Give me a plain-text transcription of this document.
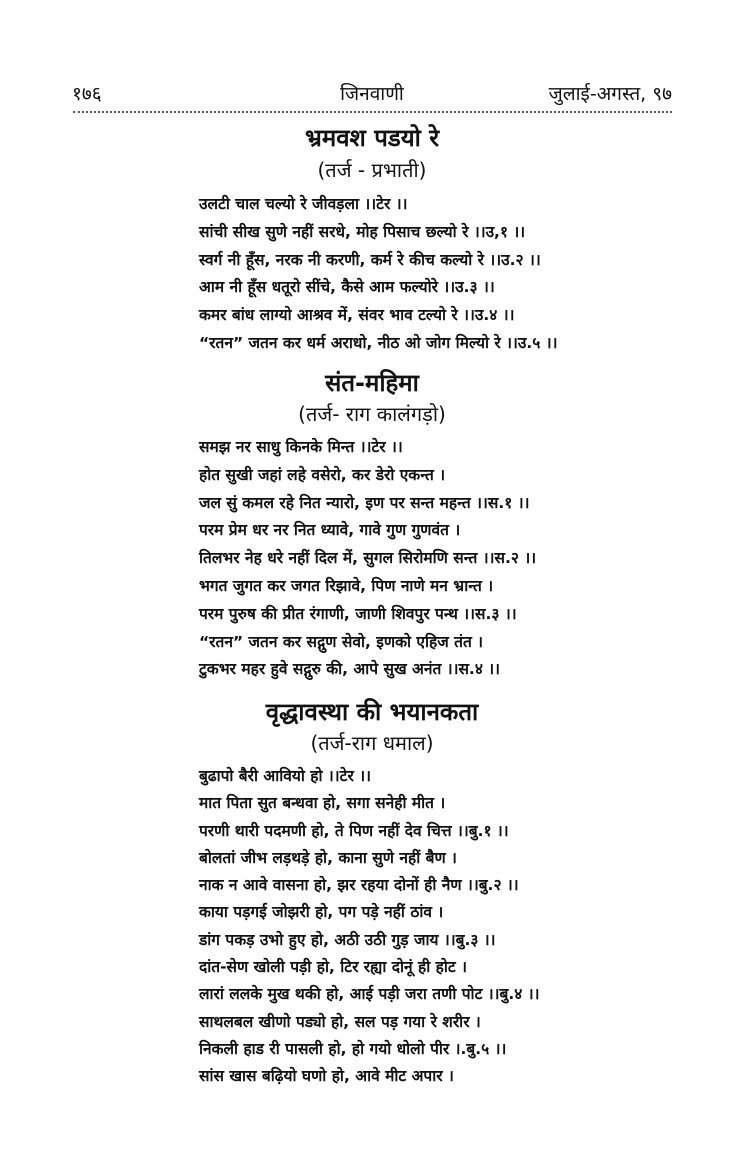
१७६	जिनवाणी	जुलाई-अगस्त, ९७
भ्रमवश पडयो रे
(तर्ज - प्रभाती)
उलटी चाल चल्यो रे जीवड़ला ।।टेर ।।
सांची सीख सुणे नहीं सरधे, मोह पिसाच छल्यो रे ।।उ,१ ।।
स्वर्ग नी हूँस, नरक नी करणी, कर्म रे कीच कल्यो रे ।।उ.२ ।।
आम नी हूँस धतूरो सींचे, कैसे आम फल्योरे ।।उ.३ ।।
कमर बांध लाग्यो आश्रव में, संवर भाव टल्यो रे ।।उ.४ ।।
“रतन” जतन कर धर्म अराधो, नीठ ओ जोग मिल्यो रे ।।उ.५ ।।
संत-महिमा
(तर्ज- राग कालंगड़ो)
समझ नर साधु किनके मिन्त ।।टेर ।।
होत सुखी जहां लहे वसेरो, कर डेरो एकन्त ।
जल सुं कमल रहे नित न्यारो, इण पर सन्त महन्त ।।स.१ ।।
परम प्रेम धर नर नित ध्यावे, गावे गुण गुणवंत ।
तिलभर नेह धरे नहीं दिल में, सुगल सिरोमणि सन्त ।।स.२ ।।
भगत जुगत कर जगत रिझावे, पिण नाणे मन भ्रान्त ।
परम पुरुष की प्रीत रंगाणी, जाणी शिवपुर पन्थ ।।स.३ ।।
“रतन” जतन कर सद्गुण सेवो, इणको एहिज तंत ।
टुकभर महर हुवे सद्गुरु की, आपे सुख अनंत ।।स.४ ।।
वृद्धावस्था की भयानकता
(तर्ज-राग धमाल)
बुढापो बैरी आवियो हो ।।टेर ।।
मात पिता सुत बन्धवा हो, सगा सनेही मीत ।
परणी थारी पदमणी हो, ते पिण नहीं देव चित्त ।।बु.१ ।।
बोलतां जीभ लड़थड़े हो, काना सुणे नहीं बैण ।
नाक न आवे वासना हो, झर रहया दोनों ही नैण ।।बु.२ ।।
काया पड़गई जोझरी हो, पग पड़े नहीं ठांव ।
डांग पकड़ उभो हुए हो, अठी उठी गुड़ जाय ।।बु.३ ।।
दांत-सेण खोली पड़ी हो, टिर रह्या दोनूं ही होट ।
लारां ललके मुख थकी हो, आई पड़ी जरा तणी पोट ।।बु.४ ।।
साथलबल खीणो पड्यो हो, सल पड़ गया रे शरीर ।
निकली हाड री पासली हो, हो गयो धोलो पीर ।.बु.५ ।।
सांस खास बढ़ियो घणो हो, आवे मीट अपार ।
